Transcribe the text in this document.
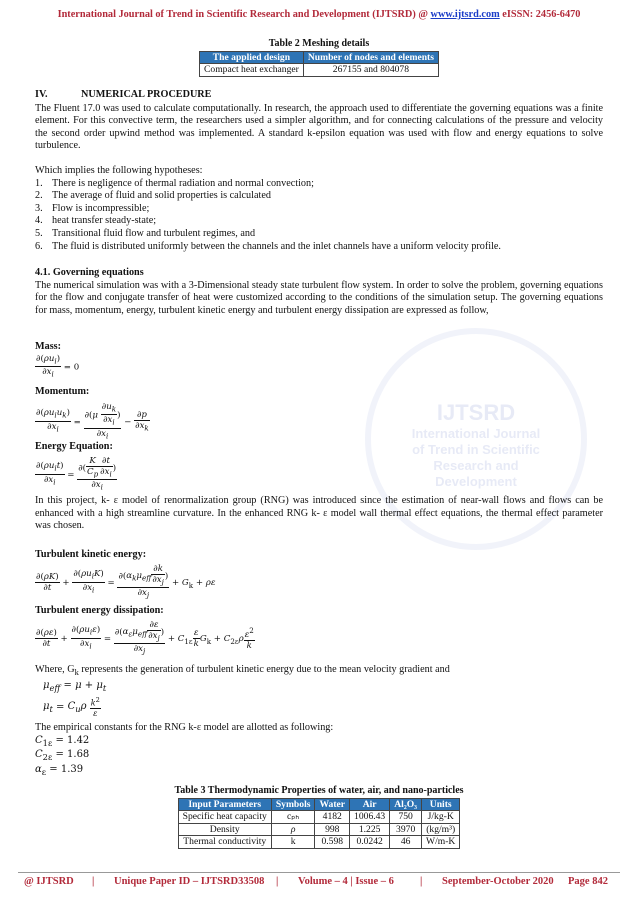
International Journal of Trend in Scientific Research and Development (IJTSRD) @ www.ijtsrd.com eISSN: 2456-6470
IJTSRD
International Journal
of Trend in Scientific
Research and
Development
Table 2 Meshing details
The applied design	Number of nodes and elements
Compact heat exchanger	267155 and 804078
IV.	NUMERICAL PROCEDURE

The Fluent 17.0 was used to calculate computationally. In research, the approach used to differentiate the governing equations was a finite element. For this convective term, the researchers used a simpler algorithm, and for connecting calculations of the pressure and velocity the second order upwind method was implemented. A standard k-epsilon equation was used with flow and energy equations to solve turbulence.

Which implies the following hypotheses:

1. There is negligence of thermal radiation and normal convection;
2. The average of fluid and solid properties is calculated
3. Flow is incompressible;
4. heat transfer steady-state;
5. Transitional fluid flow and turbulent regimes, and
6. The fluid is distributed uniformly between the channels and the inlet channels have a uniform velocity profile.
4.1. Governing equations

The numerical simulation was with a 3-Dimensional steady state turbulent flow system. In order to solve the problem, governing equations for the flow and conjugate transfer of heat were customized according to the conditions of the simulation setup. The governing equations for mass, momentum, energy, turbulent kinetic energy and turbulent energy dissipation are expressed as follow,

Mass:
$\frac{\partial(\rho u_i)}{\partial x_i} = 0$
Momentum:
$\frac{\partial(\rho u_iu_k)}{\partial x_i} = \frac{\partial(\mu \frac{\partial u_k}{\partial x_i} )}{\partial x_i} - \frac{\partial p}{\partial x_k}$
Energy Equation:
$\frac{\partial(\rho u_it)}{\partial x_i} = \frac{\partial( \frac{K}{C_p} \frac{\partial t}{\partial x_i} )}{\partial x_i}$

In this project, k- ε model of renormalization group (RNG) was introduced since the estimation of near-wall flows and flows can be enhanced with a high streamline curvature. In the enhanced RNG k- ε model wall thermal effect equations, the thermal effect parameter was chosen.

Turbulent kinetic energy:
$\frac{\partial(\rho K)}{\partial t} + \frac{\partial(\rho u_iK)}{\partial x_i} = \frac{\partial(\alpha_k\mu_{eff} \frac{\partial k}{\partial x_j} )}{\partial x_j} + G_k + \rho\varepsilon$
Turbulent energy dissipation:
$\frac{\partial(\rho\varepsilon)}{\partial t} + \frac{\partial(\rho u_i\varepsilon)}{\partial x_i} = \frac{\partial(\alpha_\varepsilon\mu_{eff} \frac{\partial\varepsilon}{\partial x_j} )}{\partial x_j} + C_{1\varepsilon} \frac{\varepsilon}{k} G_k + C_{2\varepsilon}\rho \frac{\varepsilon^2}{k}$
Where, $G_k$ represents the generation of turbulent kinetic energy due to the mean velocity gradient and
$\mu_{eff} = \mu + \mu_t$
$\mu_t = C_u\rho \frac{k^2}{\varepsilon}$
The empirical constants for the RNG k-ε model are allotted as following:
$C_{1\varepsilon} = 1.42$
$C_{2\varepsilon} = 1.68$
$\alpha_\varepsilon = 1.39$
Table 3 Thermodynamic Properties of water, air, and nano-particles
Input Parameters	Symbols	Water	Air	Al₂O₃	Units
Specific heat capacity	cₚₕ	4182	1006.43	750	J/kg-K
Density	ρ	998	1.225	3970	(kg/m³)
Thermal conductivity	k	0.598	0.0242	46	W/m-K
@ IJTSRD | Unique Paper ID – IJTSRD33508 | Volume – 4 | Issue – 6 | September-October 2020 Page 842
